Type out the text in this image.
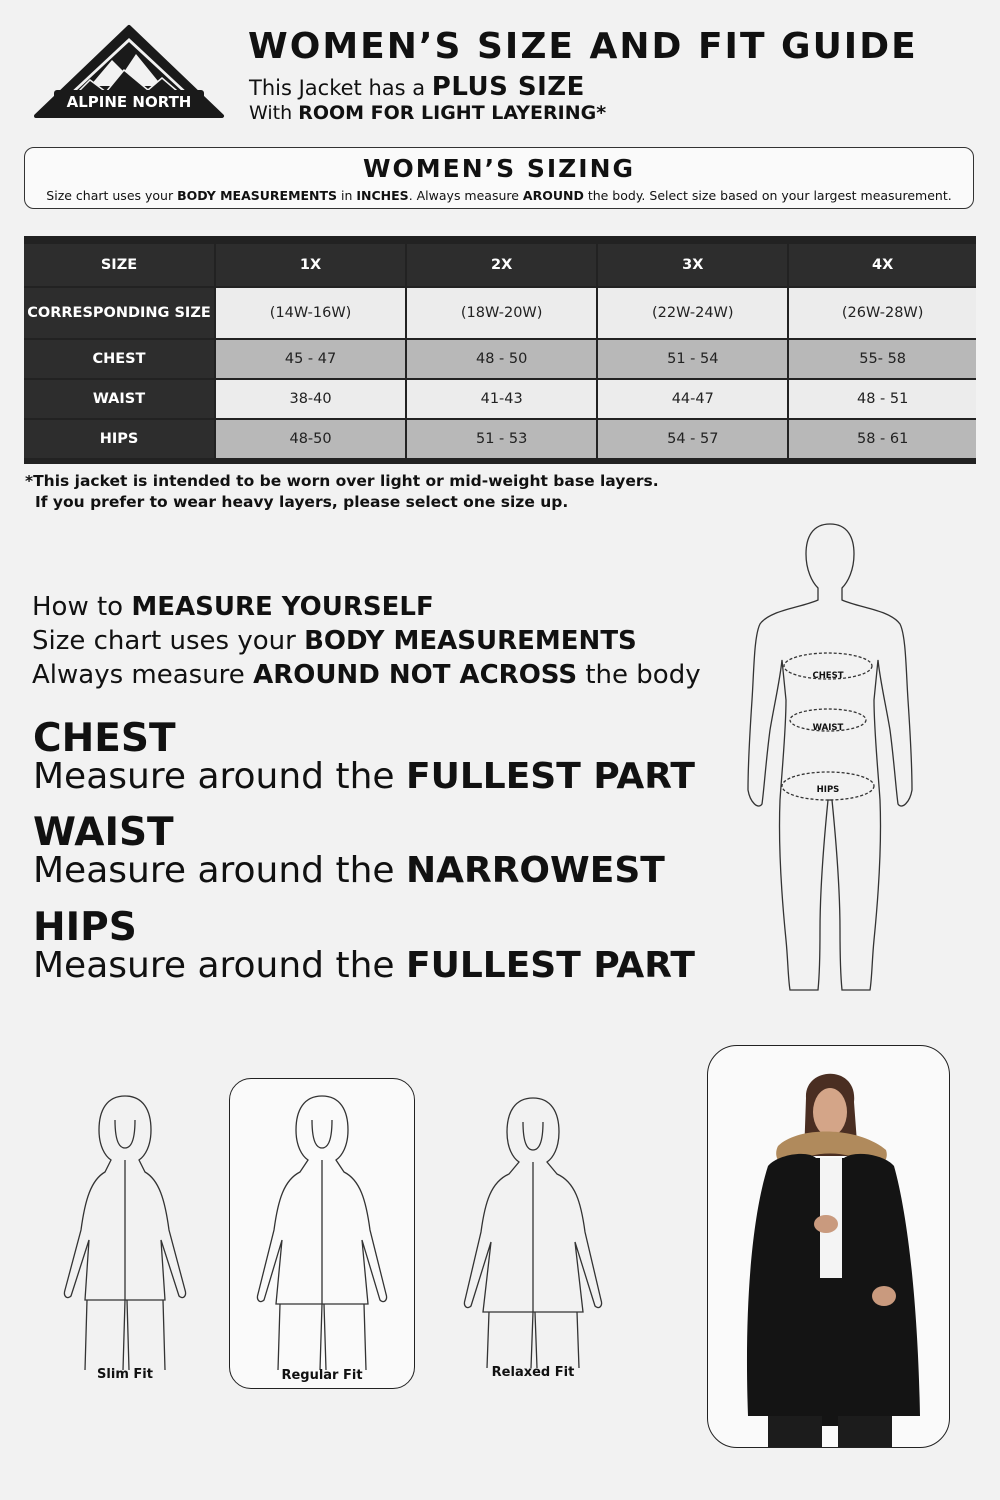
ALPINE NORTH
WOMEN’S SIZE AND FIT GUIDE
This Jacket has a PLUS SIZE
With ROOM FOR LIGHT LAYERING*
WOMEN’S SIZING
Size chart uses your BODY MEASUREMENTS in INCHES. Always measure AROUND the body. Select size based on your largest measurement.
SIZE	1X	2X	3X	4X
CORRESPONDING SIZE	(14W-16W)	(18W-20W)	(22W-24W)	(26W-28W)
CHEST	45 - 47	48 - 50	51 - 54	55- 58
WAIST	38-40	41-43	44-47	48 - 51
HIPS	48-50	51 - 53	54 - 57	58 - 61
*This jacket is intended to be worn over light or mid-weight base layers.
If you prefer to wear heavy layers, please select one size up.
How to MEASURE YOURSELF
Size chart uses your BODY MEASUREMENTS
Always measure AROUND NOT ACROSS the body
CHEST
Measure around the FULLEST PART
WAIST
Measure around the NARROWEST
HIPS
Measure around the FULLEST PART
CHEST
WAIST
HIPS
Slim Fit	Regular Fit	Relaxed Fit
